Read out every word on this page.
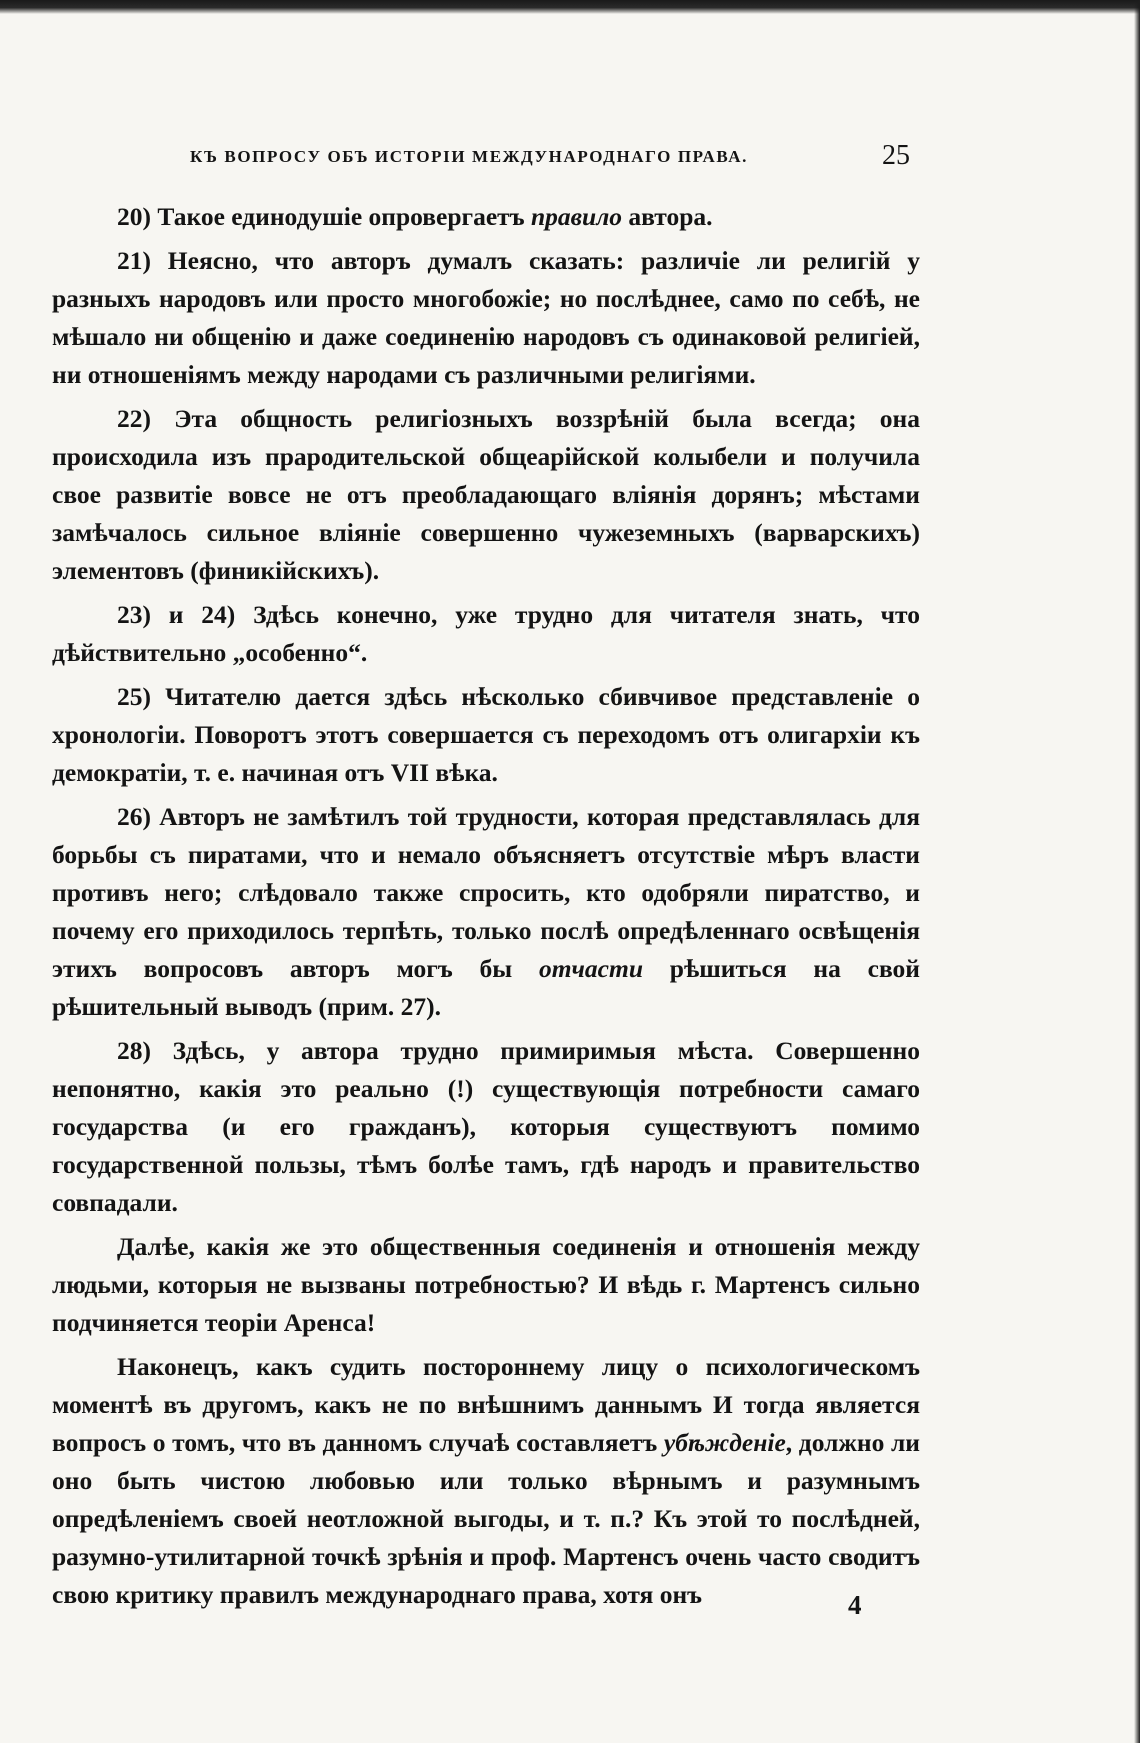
КЪ ВОПРОСУ ОБЪ ИСТОРІИ МЕЖДУНАРОДНАГО ПРАВА.	25

20) Такое единодушіе опровергаетъ правило автора.

21) Неясно, что авторъ думалъ сказать: различіе ли религій у разныхъ народовъ или просто многобожіе; но послѣднее, само по себѣ, не мѣшало ни общенію и даже соединенію народовъ съ одинаковой религіей, ни отношеніямъ между народами съ различными религіями.

22) Эта общность религіозныхъ воззрѣній была всегда; она происходила изъ прародительской общеарійской колыбели и получила свое развитіе вовсе не отъ преобладающаго вліянія дорянъ; мѣстами замѣчалось сильное вліяніе совершенно чужеземныхъ (варварскихъ) элементовъ (финикійскихъ).

23) и 24) Здѣсь конечно, уже трудно для читателя знать, что дѣйствительно „особенно“.

25) Читателю дается здѣсь нѣсколько сбивчивое представленіе о хронологіи. Поворотъ этотъ совершается съ переходомъ отъ олигархіи къ демократіи, т. е. начиная отъ VII вѣка.

26) Авторъ не замѣтилъ той трудности, которая представлялась для борьбы съ пиратами, что и немало объясняетъ отсутствіе мѣръ власти противъ него; слѣдовало также спросить, кто одобряли пиратство, и почему его приходилось терпѣть, только послѣ опредѣленнаго освѣщенія этихъ вопросовъ авторъ могъ бы отчасти рѣшиться на свой рѣшительный выводъ (прим. 27).

28) Здѣсь, у автора трудно примиримыя мѣста. Совершенно непонятно, какія это реально (!) существующія потребности самаго государства (и его гражданъ), которыя существуютъ помимо государственной пользы, тѣмъ болѣе тамъ, гдѣ народъ и правительство совпадали.

Далѣе, какія же это общественныя соединенія и отношенія между людьми, которыя не вызваны потребностью? И вѣдь г. Мартенсъ сильно подчиняется теоріи Аренса!

Наконецъ, какъ судить постороннему лицу о психологическомъ моментѣ въ другомъ, какъ не по внѣшнимъ даннымъ И тогда является вопросъ о томъ, что въ данномъ случаѣ составляетъ убѣжденіе, должно ли оно быть чистою любовью или только вѣрнымъ и разумнымъ опредѣленіемъ своей неотложной выгоды, и т. п.? Къ этой то послѣдней, разумно-утилитарной точкѣ зрѣнія и проф. Мартенсъ очень часто сводитъ свою критику правилъ международнаго права, хотя онъ	4
